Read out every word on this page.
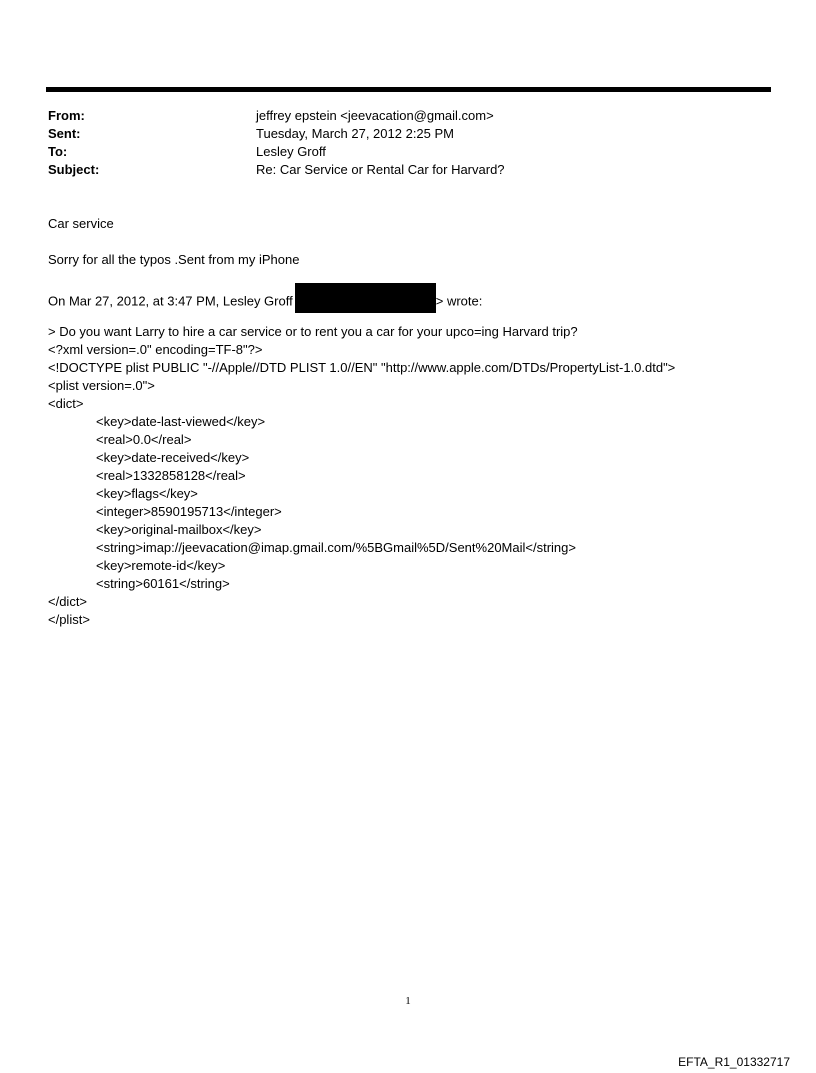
From:	jeffrey epstein <jeevacation@gmail.com>
Sent:	Tuesday, March 27, 2012 2:25 PM
To:	Lesley Groff
Subject:	Re: Car Service or Rental Car for Harvard?
Car service
Sorry for all the typos .Sent from my iPhone
On Mar 27, 2012, at 3:47 PM, Lesley Groff	> wrote:
> Do you want Larry to hire a car service or to rent you a car for your upco=ing Harvard trip?
<?xml version=.0" encoding=TF-8"?>
<!DOCTYPE plist PUBLIC "-//Apple//DTD PLIST 1.0//EN" "http://www.apple.com/DTDs/PropertyList-1.0.dtd">
<plist version=.0">
<dict>
<key>date-last-viewed</key>
<real>0.0</real>
<key>date-received</key>
<real>1332858128</real>
<key>flags</key>
<integer>8590195713</integer>
<key>original-mailbox</key>
<string>imap://jeevacation@imap.gmail.com/%5BGmail%5D/Sent%20Mail</string>
<key>remote-id</key>
<string>60161</string>
</dict>
</plist>
1
EFTA_R1_01332717
